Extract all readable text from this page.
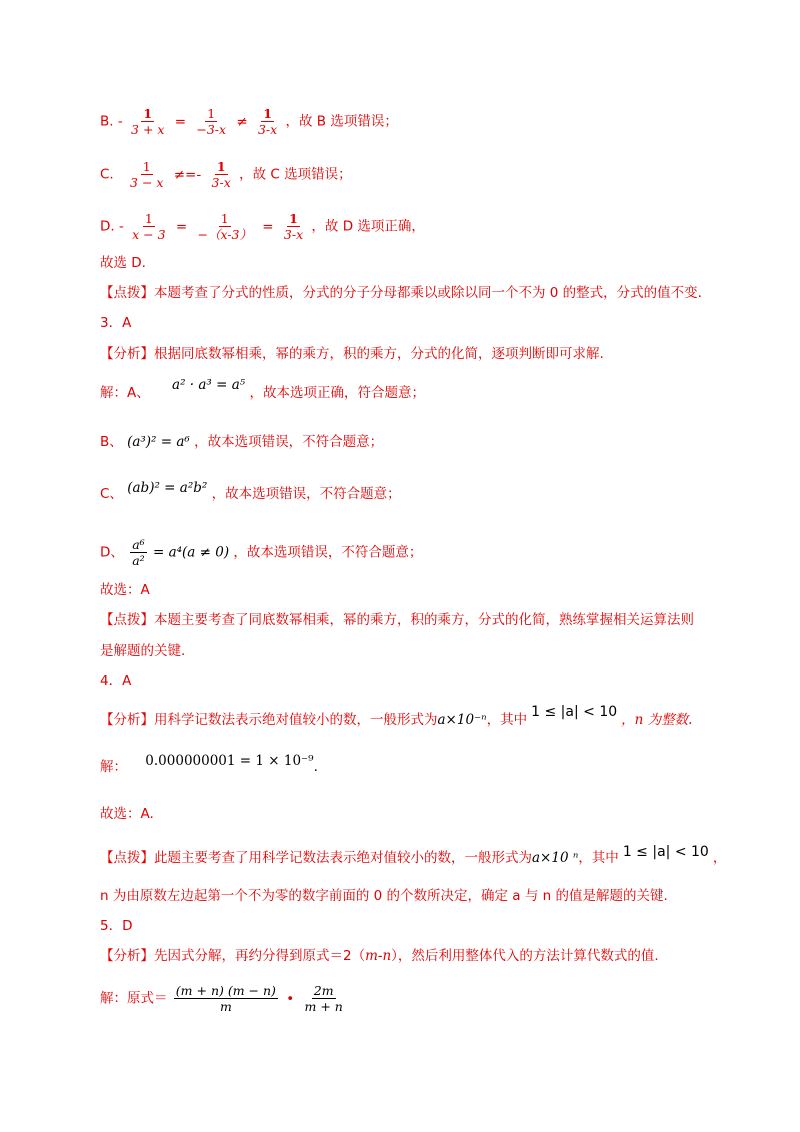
B. - $\frac{1}{3 + x} = \frac{1}{-3-x} \ne \frac{1}{3-x}$ ，故 B 选项错误；
C. $\frac{1}{3 - x}$ ≠=- $\frac{1}{3-x}$ ，故 C 选项错误；
D. - $\frac{1}{x - 3} = \frac{1}{-(x-3)} = \frac{1}{3-x}$ ，故 D 选项正确，
故选 D.
【点拨】本题考查了分式的性质，分式的分子分母都乘以或除以同一个不为 0 的整式，分式的值不变.
3．A
【分析】根据同底数幂相乘，幂的乘方，积的乘方，分式的化简，逐项判断即可求解.
解：A、 a² · a³ = a⁵ ，故本选项正确，符合题意；
B、 (a³)² = a⁶ ，故本选项错误，不符合题意；
C、 (ab)² = a²b² ，故本选项错误，不符合题意；
D、 $\frac{\text{a⁶}}{\text{a²}} = a^4(a \ne 0)$ ，故本选项错误，不符合题意；
故选：A
【点拨】本题主要考查了同底数幂相乘，幂的乘方，积的乘方，分式的化简，熟练掌握相关运算法则
是解题的关键.
4．A
【分析】用科学记数法表示绝对值较小的数，一般形式为a×10⁻ⁿ，其中 1 ≤ |a| < 10 ，n 为整数.
解： 0.000000001 = 1 × 10⁻⁹.
故选：A.
【点拨】此题主要考查了用科学记数法表示绝对值较小的数，一般形式为a×10 ⁿ，其中 1 ≤ |a| < 10 ，
n 为由原数左边起第一个不为零的数字前面的 0 的个数所决定，确定 a 与 n 的值是解题的关键.
5．D
【分析】先因式分解，再约分得到原式＝2（m-n），然后利用整体代入的方法计算代数式的值.
解：原式＝ $\frac{(m + n) (m - n)}{m}$ • $\frac{2m}{m + n}$
